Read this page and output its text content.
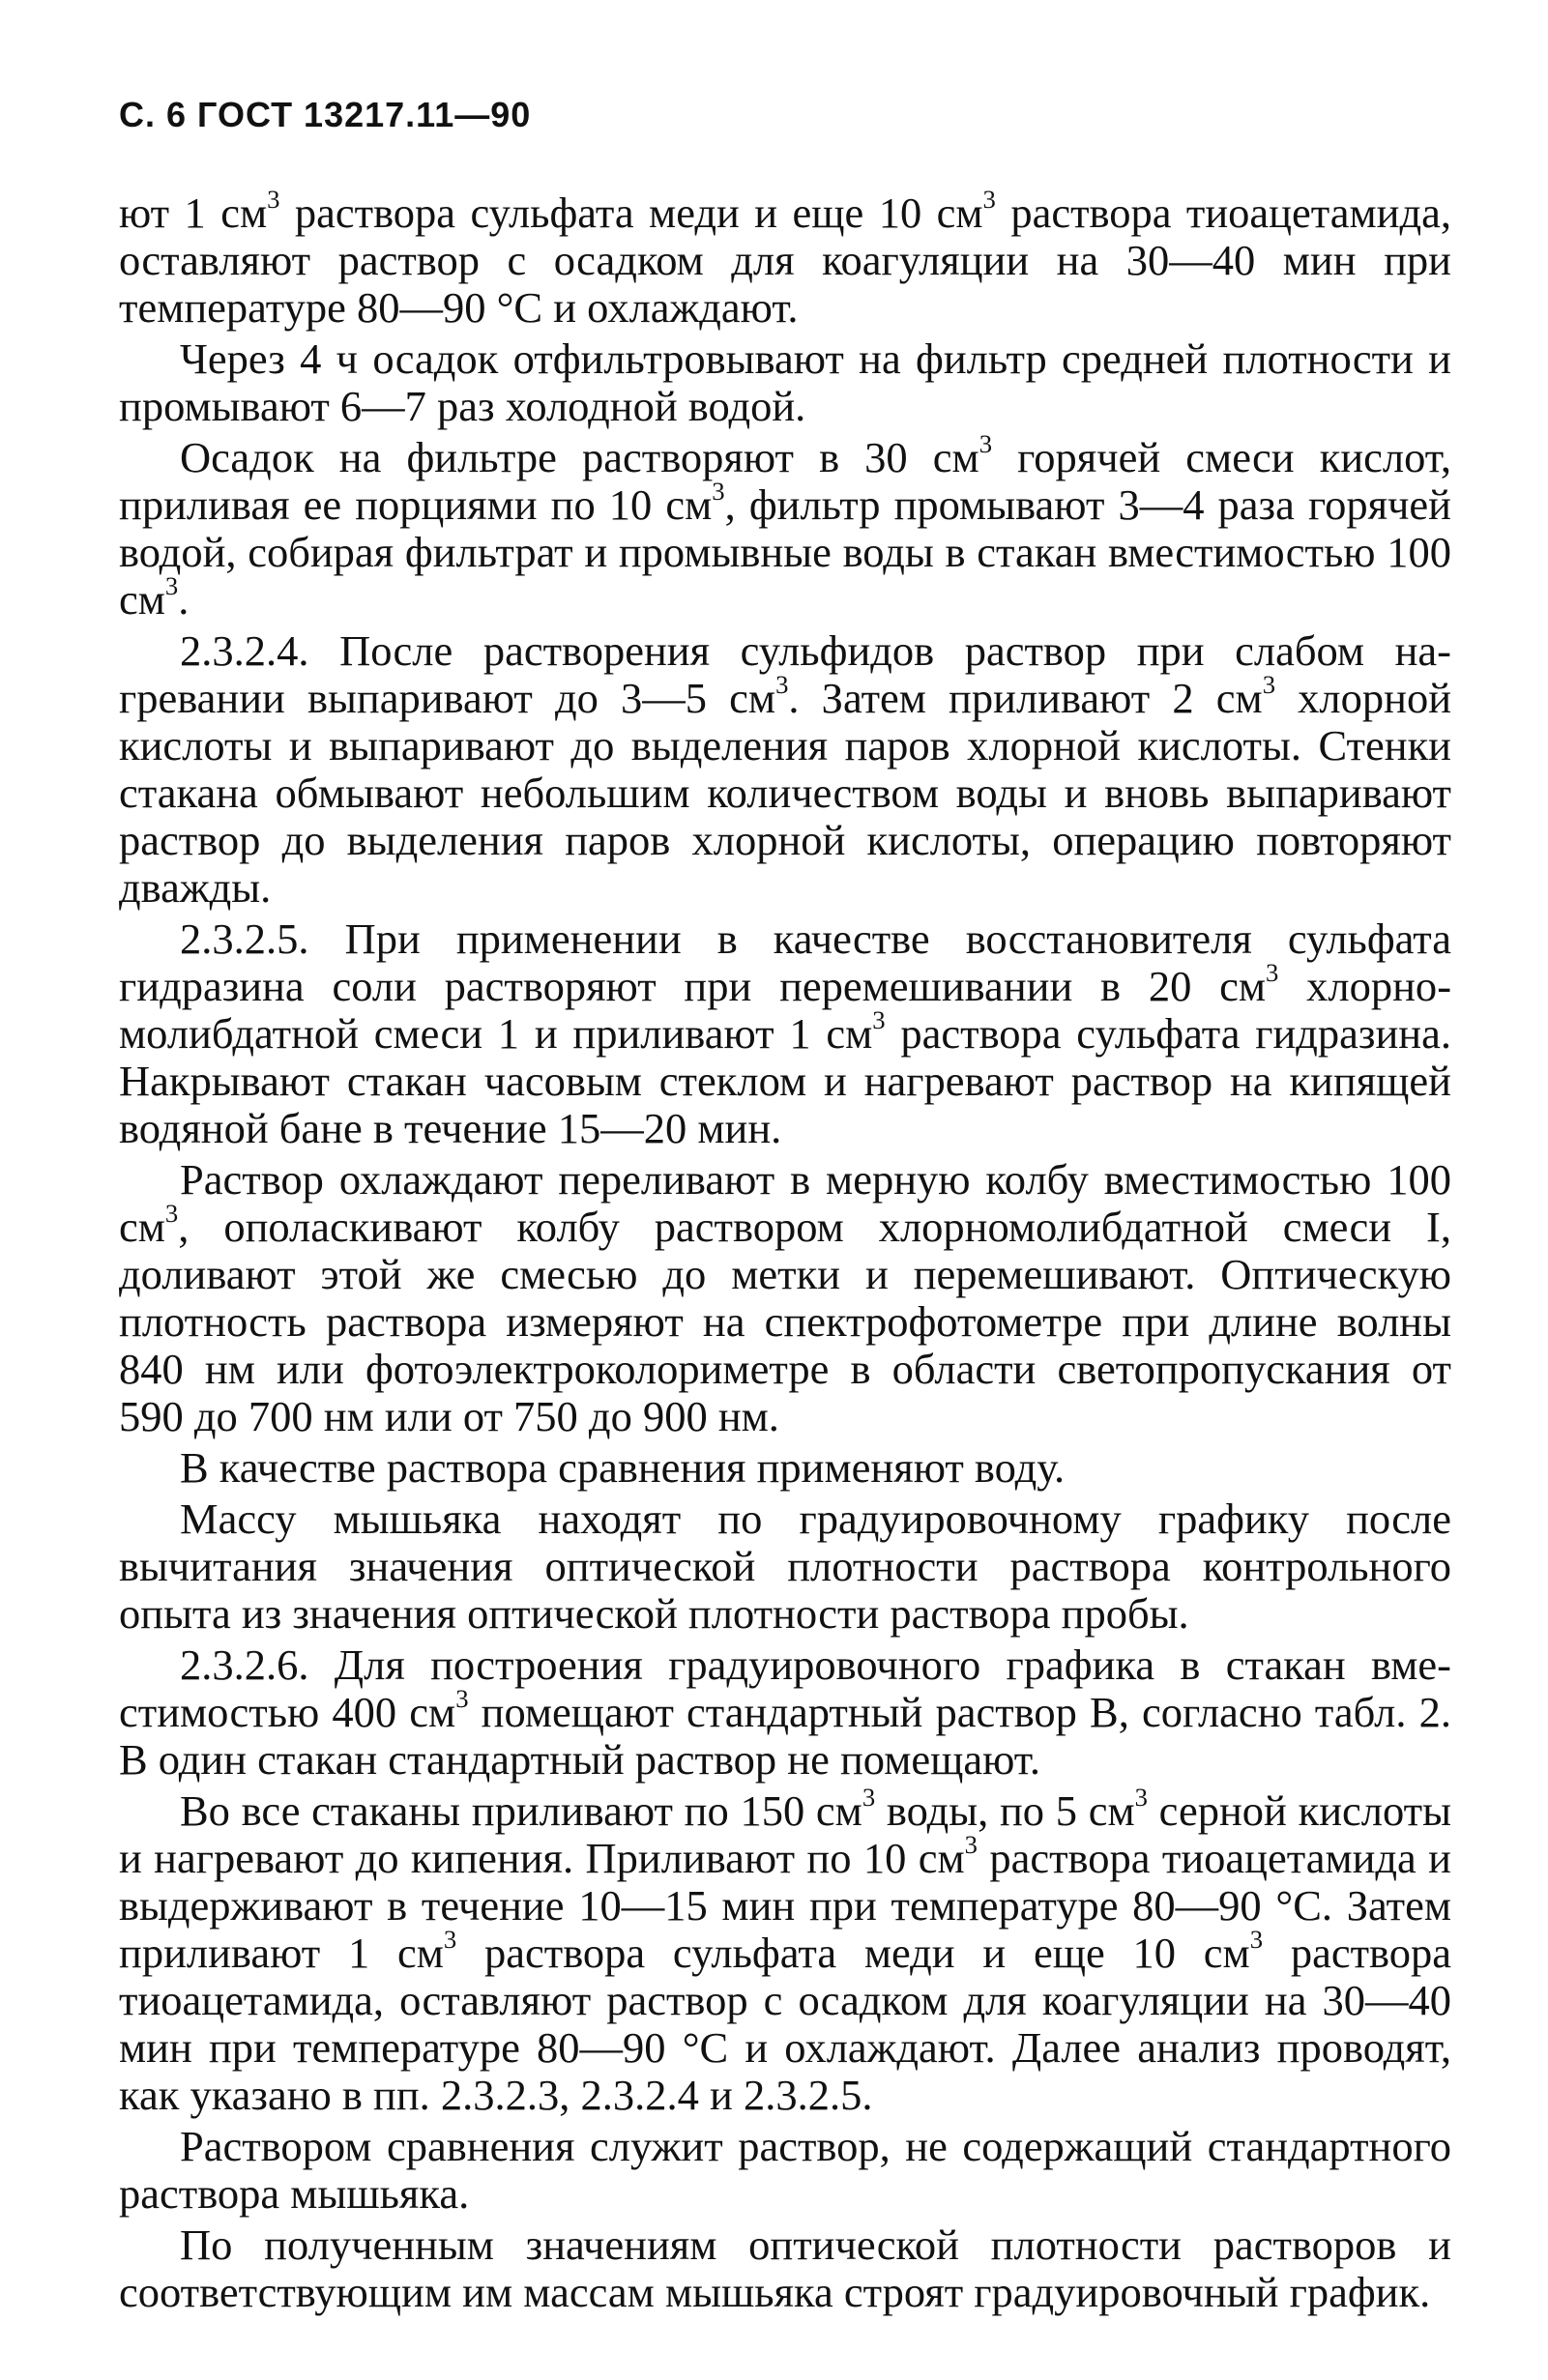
С. 6 ГОСТ 13217.11—90

ют 1 $см^3$ раствора сульфата меди и еще 10 $см^3$ раствора тиоацетамида, оставляют раствор с осадком для коагуляции на 30—40 мин при температуре 80—90 °С и охлаждают.

Через 4 ч осадок отфильтровывают на фильтр средней плотности и промывают 6—7 раз холодной водой.

Осадок на фильтре растворяют в 30 $см^3$ горячей смеси кислот, приливая ее порциями по 10 $см^3$, фильтр промывают 3—4 раза горячей водой, собирая фильтрат и промывные воды в стакан вместимостью 100 $см^3$.

2.3.2.4. После растворения сульфидов раствор при слабом нагревании выпаривают до 3—5 $см^3$. Затем приливают 2 $см^3$ хлорной кислоты и выпаривают до выделения паров хлорной кислоты. Стенки стакана обмывают небольшим количеством воды и вновь выпаривают раствор до выделения паров хлорной кислоты, операцию повторяют дважды.

2.3.2.5. При применении в качестве восстановителя сульфата гидразина соли растворяют при перемешивании в 20 $см^3$ хлорномолибдатной смеси 1 и приливают 1 $см^3$ раствора сульфата гидразина. Накрывают стакан часовым стеклом и нагревают раствор на кипящей водяной бане в течение 15—20 мин.

Раствор охлаждают переливают в мерную колбу вместимостью 100 $см^3$, ополаскивают колбу раствором хлорномолибдатной смеси I, доливают этой же смесью до метки и перемешивают. Оптическую плотность раствора измеряют на спектрофотометре при длине волны 840 нм или фотоэлектроколориметре в области светопропускания от 590 до 700 нм или от 750 до 900 нм.

В качестве раствора сравнения применяют воду.

Массу мышьяка находят по градуировочному графику после вычитания значения оптической плотности раствора контрольного опыта из значения оптической плотности раствора пробы.

2.3.2.6. Для построения градуировочного графика в стакан вместимостью 400 $см^3$ помещают стандартный раствор В, согласно табл. 2. В один стакан стандартный раствор не помещают.

Во все стаканы приливают по 150 $см^3$ воды, по 5 $см^3$ серной кислоты и нагревают до кипения. Приливают по 10 $см^3$ раствора тиоацетамида и выдерживают в течение 10—15 мин при температуре 80—90 °С. Затем приливают 1 $см^3$ раствора сульфата меди и еще 10 $см^3$ раствора тиоацетамида, оставляют раствор с осадком для коагуляции на 30—40 мин при температуре 80—90 °С и охлаждают. Далее анализ проводят, как указано в пп. 2.3.2.3, 2.3.2.4 и 2.3.2.5.

Раствором сравнения служит раствор, не содержащий стандартного раствора мышьяка.

По полученным значениям оптической плотности растворов и соответствующим им массам мышьяка строят градуировочный график.
